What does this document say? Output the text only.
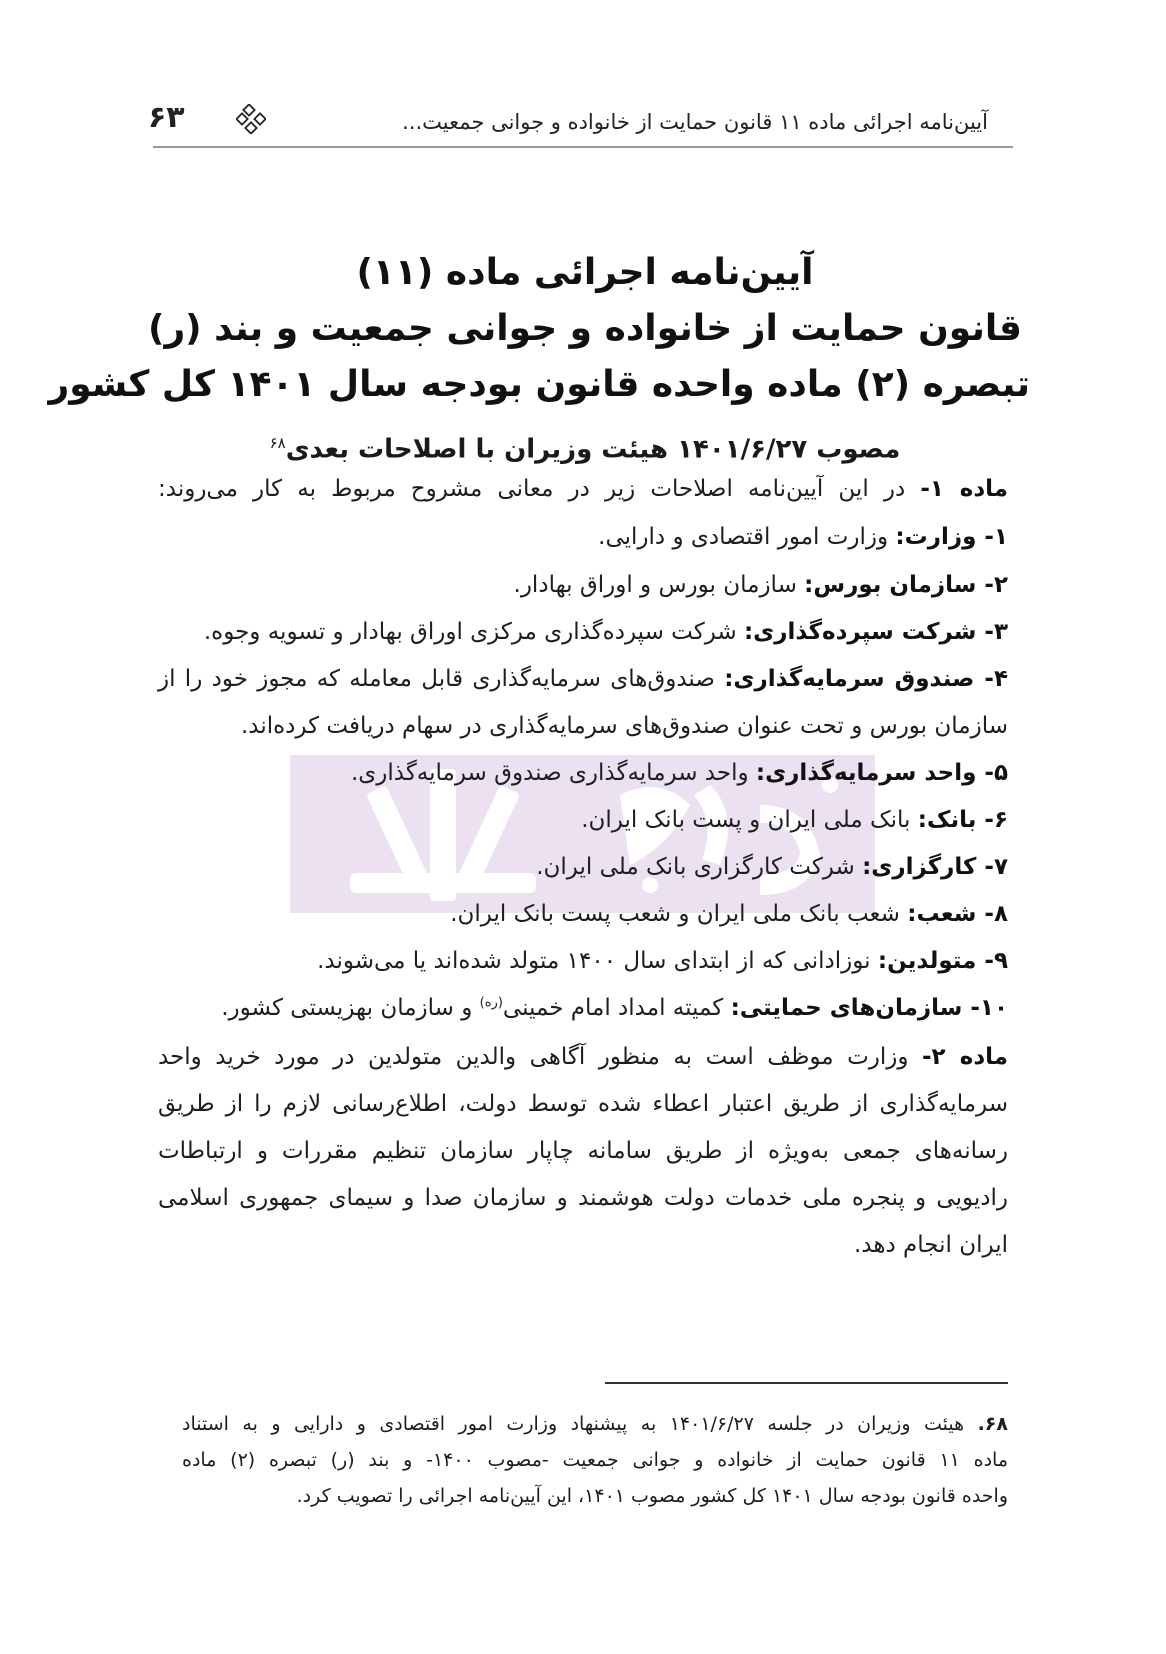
آیین‌نامه اجرائی ماده ۱۱ قانون حمایت از خانواده و جوانی جمعیت...
۶۳
آیین‌نامه اجرائی ماده (۱۱)
قانون حمایت از خانواده و جوانی جمعیت و بند (ر)
تبصره (۲) ماده واحده قانون بودجه سال ۱۴۰۱ کل کشور
مصوب ۱۴۰۱/۶/۲۷ هیئت وزیران با اصلاحات بعدی$^{۶۸}$
ماده ۱- در این آیین‌نامه اصلاحات زیر در معانی مشروح مربوط به کار می‌روند:
۱- وزارت: وزارت امور اقتصادی و دارایی.
۲- سازمان بورس: سازمان بورس و اوراق بهادار.
۳- شرکت سپرده‌گذاری: شرکت سپرده‌گذاری مرکزی اوراق بهادار و تسویه وجوه.
۴- صندوق سرمایه‌گذاری: صندوق‌های سرمایه‌گذاری قابل معامله که مجوز خود را از
سازمان بورس و تحت عنوان صندوق‌های سرمایه‌گذاری در سهام دریافت کرده‌اند.
۵- واحد سرمایه‌گذاری: واحد سرمایه‌گذاری صندوق سرمایه‌گذاری.
۶- بانک: بانک ملی ایران و پست بانک ایران.
۷- کارگزاری: شرکت کارگزاری بانک ملی ایران.
۸- شعب: شعب بانک ملی ایران و شعب پست بانک ایران.
۹- متولدین: نوزادانی که از ابتدای سال ۱۴۰۰ متولد شده‌اند یا می‌شوند.
۱۰- سازمان‌های حمایتی: کمیته امداد امام خمینی$^{(ره)}$ و سازمان بهزیستی کشور.
ماده ۲- وزارت موظف است به منظور آگاهی والدین متولدین در مورد خرید واحد
سرمایه‌گذاری از طریق اعتبار اعطاء شده توسط دولت، اطلاع‌رسانی لازم را از طریق
رسانه‌های جمعی به‌ویژه از طریق سامانه چاپار سازمان تنظیم مقررات و ارتباطات
رادیویی و پنجره ملی خدمات دولت هوشمند و سازمان صدا و سیمای جمهوری اسلامی
ایران انجام دهد.
۶۸. هیئت وزیران در جلسه ۱۴۰۱/۶/۲۷ به پیشنهاد وزارت امور اقتصادی و دارایی و به استناد
ماده ۱۱ قانون حمایت از خانواده و جوانی جمعیت -مصوب ۱۴۰۰- و بند (ر) تبصره (۲) ماده
واحده قانون بودجه سال ۱۴۰۱ کل کشور مصوب ۱۴۰۱، این آیین‌نامه اجرائی را تصویب کرد.
